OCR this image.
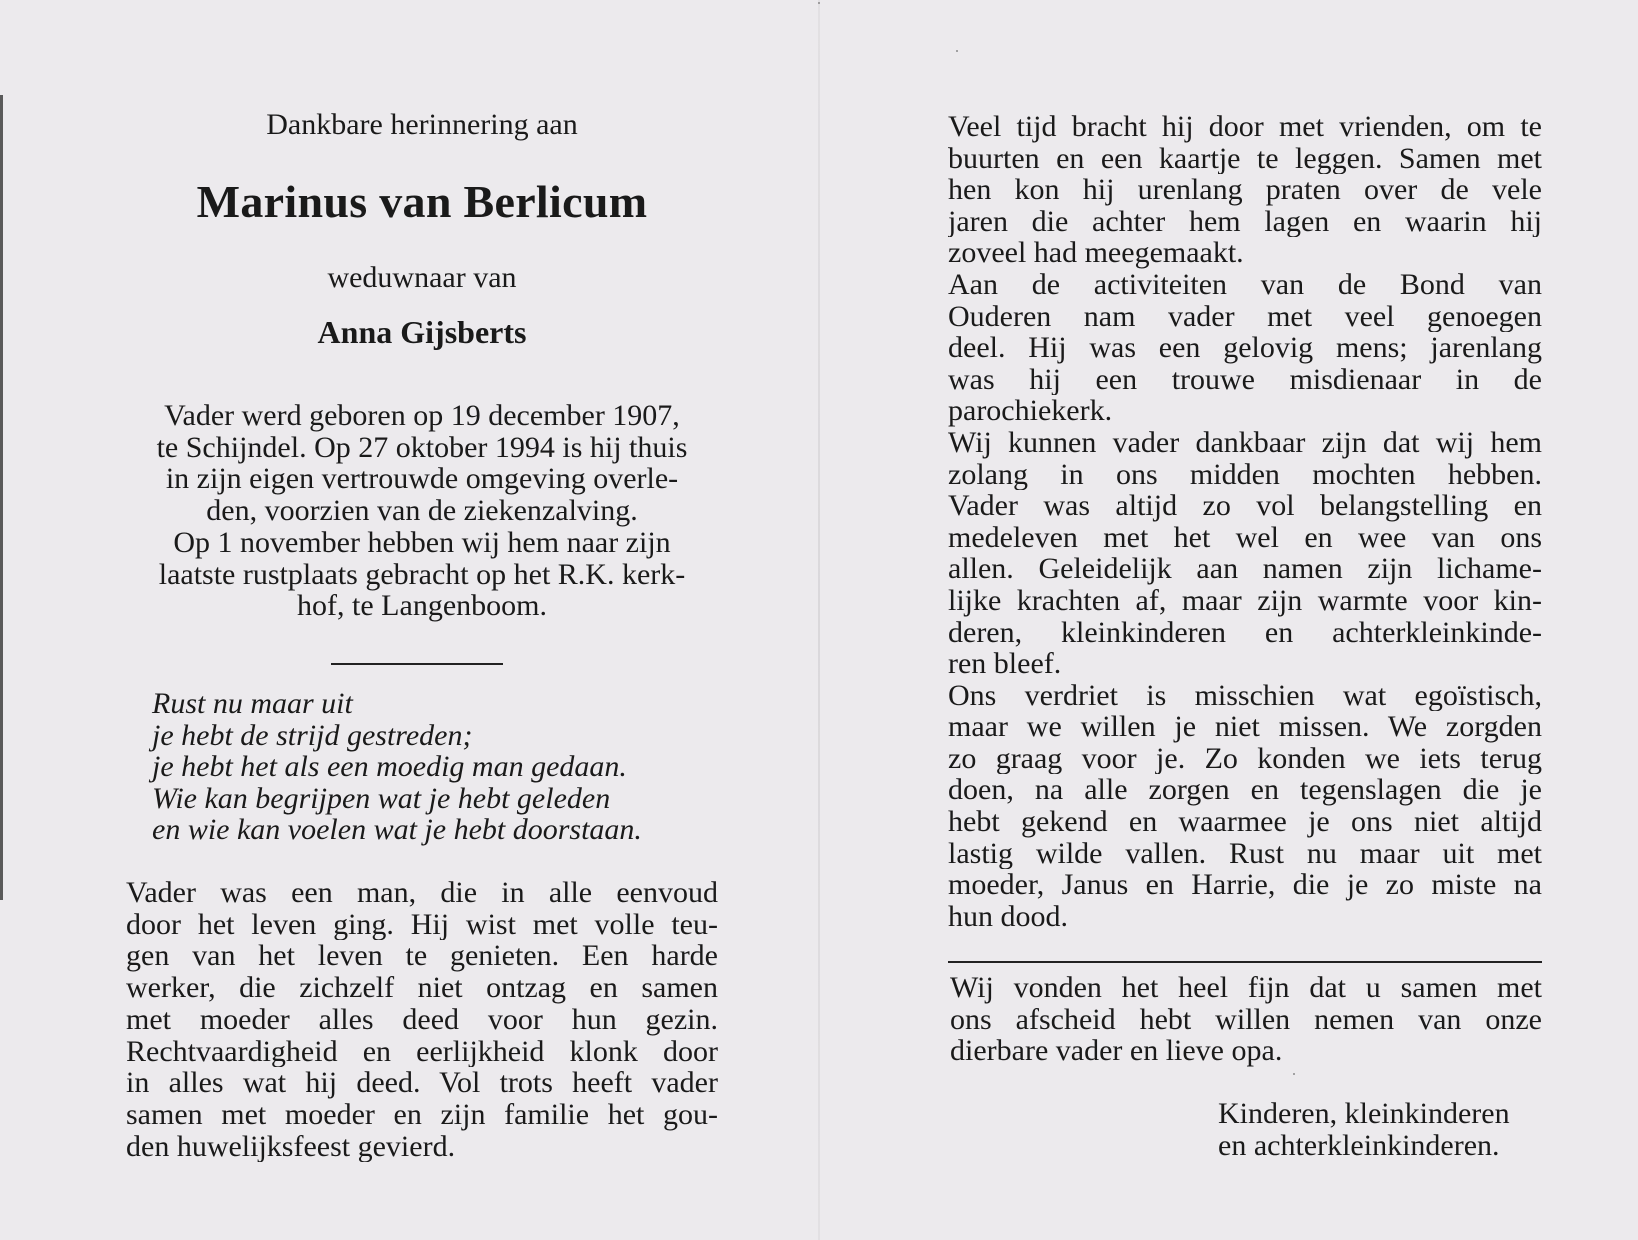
Dankbare herinnering aan
Marinus van Berlicum
weduwnaar van
Anna Gijsberts
Vader werd geboren op 19 december 1907,
te Schijndel. Op 27 oktober 1994 is hij thuis
in zijn eigen vertrouwde omgeving overle-
den, voorzien van de ziekenzalving.
Op 1 november hebben wij hem naar zijn
laatste rustplaats gebracht op het R.K. kerk-
hof, te Langenboom.
Rust nu maar uit
je hebt de strijd gestreden;
je hebt het als een moedig man gedaan.
Wie kan begrijpen wat je hebt geleden
en wie kan voelen wat je hebt doorstaan.
Vader was een man, die in alle eenvoud
door het leven ging. Hij wist met volle teu-
gen van het leven te genieten. Een harde
werker, die zichzelf niet ontzag en samen
met moeder alles deed voor hun gezin.
Rechtvaardigheid en eerlijkheid klonk door
in alles wat hij deed. Vol trots heeft vader
samen met moeder en zijn familie het gou-
den huwelijksfeest gevierd.
Veel tijd bracht hij door met vrienden, om te
buurten en een kaartje te leggen. Samen met
hen kon hij urenlang praten over de vele
jaren die achter hem lagen en waarin hij
zoveel had meegemaakt.
Aan de activiteiten van de Bond van
Ouderen nam vader met veel genoegen
deel. Hij was een gelovig mens; jarenlang
was hij een trouwe misdienaar in de
parochiekerk.
Wij kunnen vader dankbaar zijn dat wij hem
zolang in ons midden mochten hebben.
Vader was altijd zo vol belangstelling en
medeleven met het wel en wee van ons
allen. Geleidelijk aan namen zijn lichame-
lijke krachten af, maar zijn warmte voor kin-
deren, kleinkinderen en achterkleinkinde-
ren bleef.
Ons verdriet is misschien wat egoïstisch,
maar we willen je niet missen. We zorgden
zo graag voor je. Zo konden we iets terug
doen, na alle zorgen en tegenslagen die je
hebt gekend en waarmee je ons niet altijd
lastig wilde vallen. Rust nu maar uit met
moeder, Janus en Harrie, die je zo miste na
hun dood.
Wij vonden het heel fijn dat u samen met
ons afscheid hebt willen nemen van onze
dierbare vader en lieve opa.
Kinderen, kleinkinderen
en achterkleinkinderen.
